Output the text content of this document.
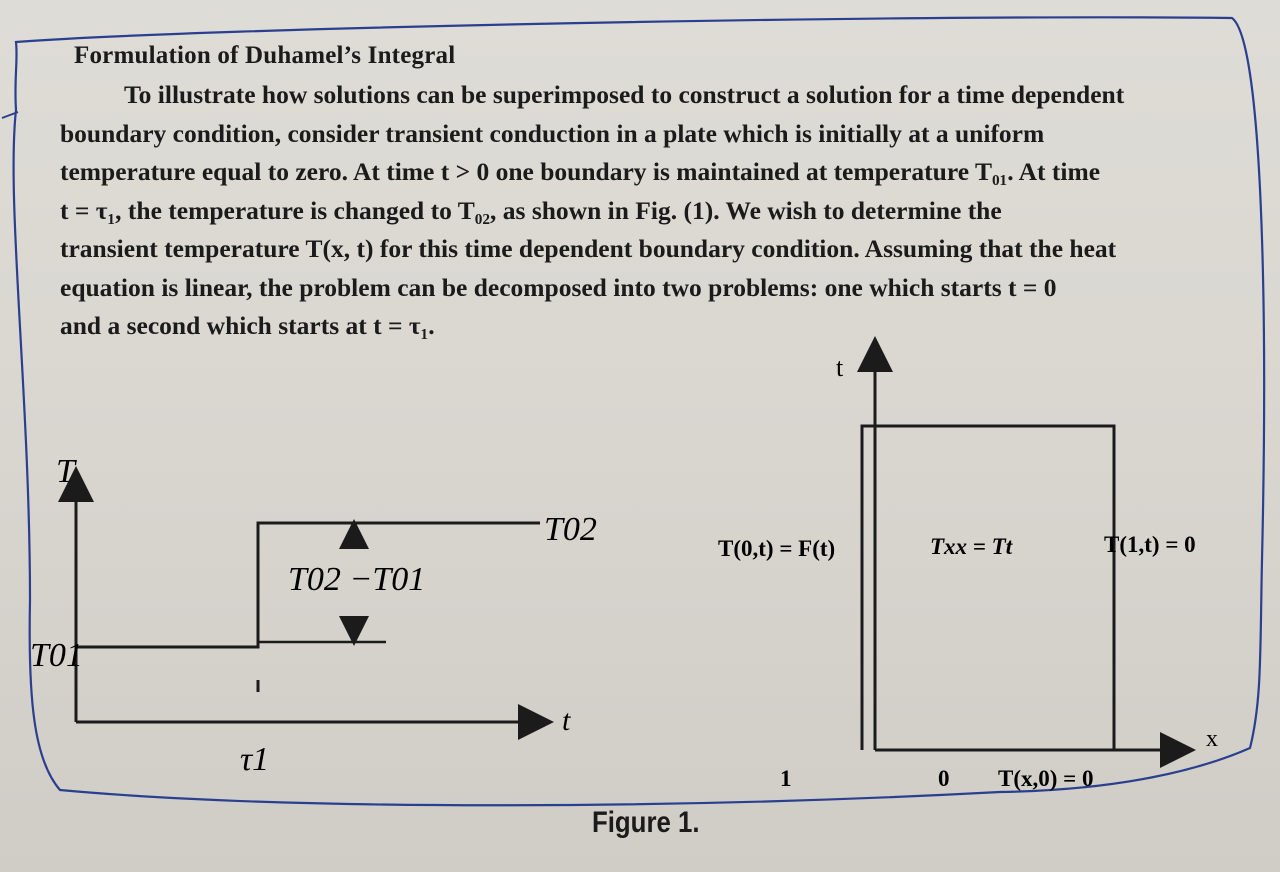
Formulation of Duhamel’s Integral
To illustrate how solutions can be superimposed to construct a solution for a time dependent
boundary condition, consider transient conduction in a plate which is initially at a uniform
temperature equal to zero. At time t > 0 one boundary is maintained at temperature T₀₁. At time
t = τ₁, the temperature is changed to T₀₂, as shown in Fig. (1). We wish to determine the
transient temperature T(x, t) for this time dependent boundary condition. Assuming that the heat
equation is linear, the problem can be decomposed into two problems: one which starts t = 0
and a second which starts at t = τ₁.
T
t
T01
T02
T02 −T01
τ1
t
x
T(0,t) = F(t)	Txx = Tt	T(1,t) = 0
T(x,0) = 0
1	0
Figure 1.
